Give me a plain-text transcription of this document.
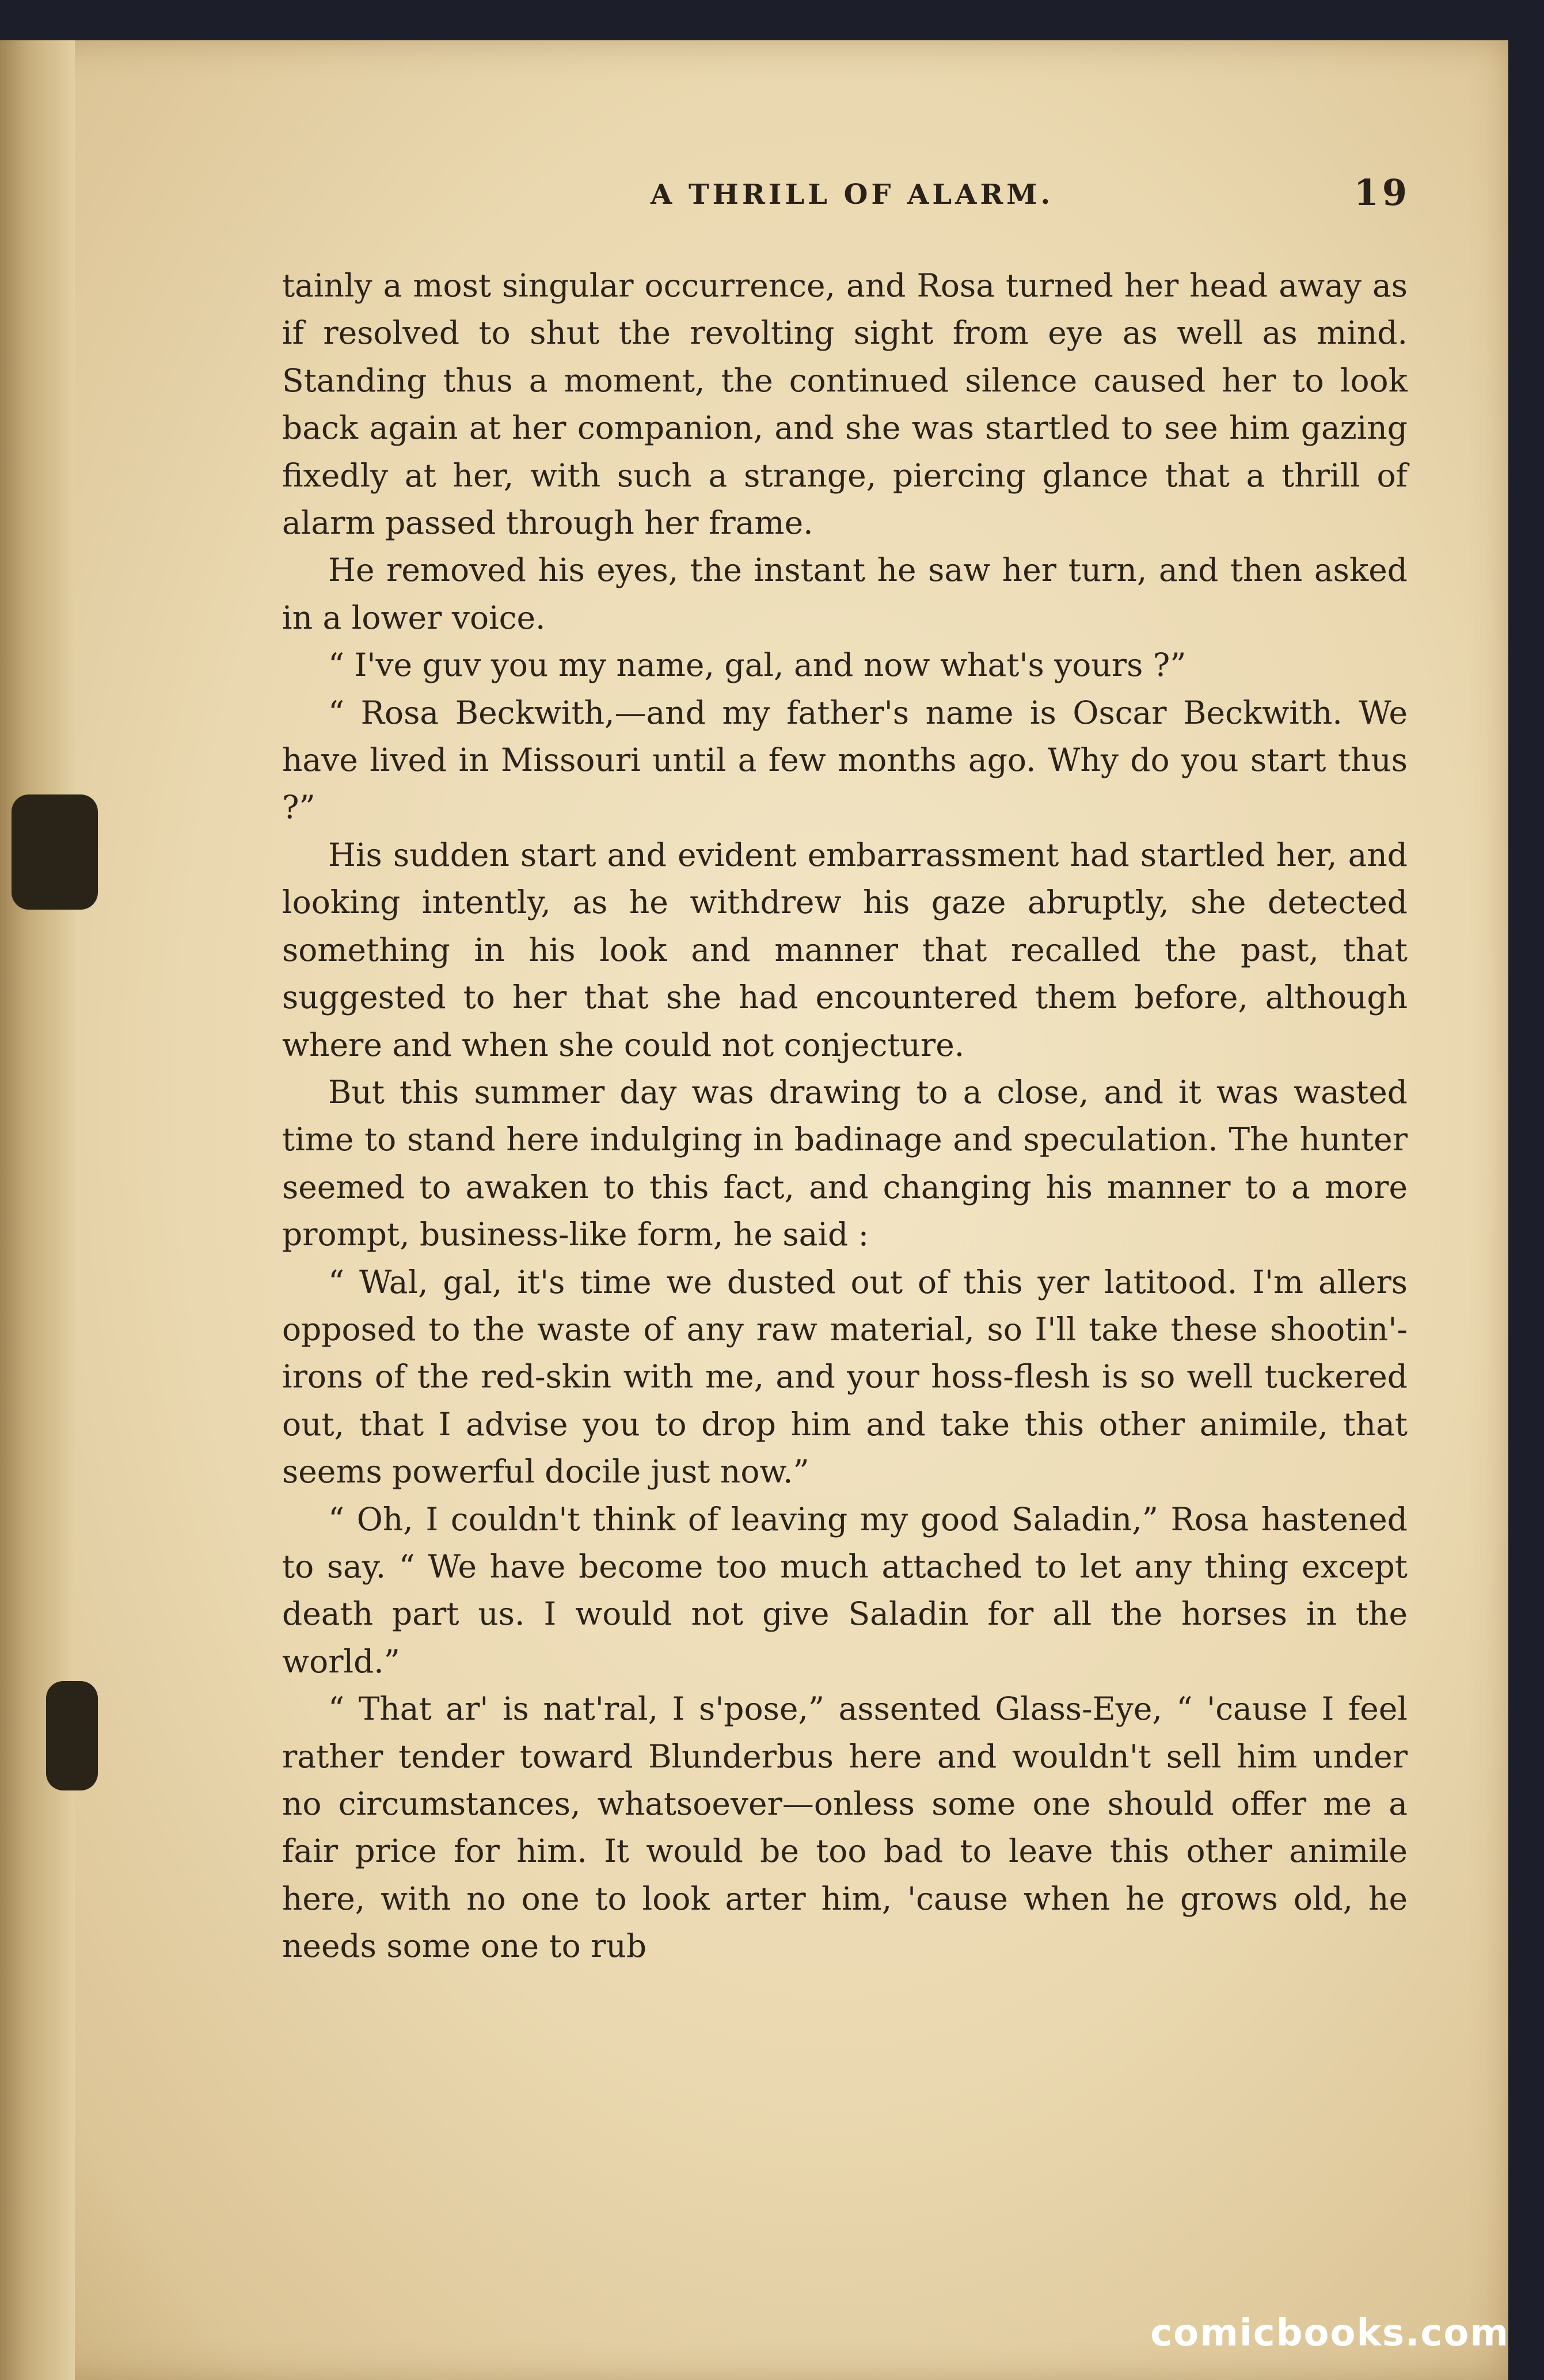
A THRILL OF ALARM.	19

tainly a most singular occurrence, and Rosa turned her head away as if resolved to shut the revolting sight from eye as well as mind. Standing thus a moment, the continued silence caused her to look back again at her companion, and she was startled to see him gazing fixedly at her, with such a strange, piercing glance that a thrill of alarm passed through her frame.

He removed his eyes, the instant he saw her turn, and then asked in a lower voice.

“ I've guv you my name, gal, and now what's yours ?”

“ Rosa Beckwith,—and my father's name is Oscar Beckwith. We have lived in Missouri until a few months ago. Why do you start thus ?”

His sudden start and evident embarrassment had startled her, and looking intently, as he withdrew his gaze abruptly, she detected something in his look and manner that recalled the past, that suggested to her that she had encountered them before, although where and when she could not conjecture.

But this summer day was drawing to a close, and it was wasted time to stand here indulging in badinage and speculation. The hunter seemed to awaken to this fact, and changing his manner to a more prompt, business-like form, he said :

“ Wal, gal, it's time we dusted out of this yer latitood. I'm allers opposed to the waste of any raw material, so I'll take these shootin'-irons of the red-skin with me, and your hoss-flesh is so well tuckered out, that I advise you to drop him and take this other animile, that seems powerful docile just now.”

“ Oh, I couldn't think of leaving my good Saladin,” Rosa hastened to say. “ We have become too much attached to let any thing except death part us. I would not give Saladin for all the horses in the world.”

“ That ar' is nat'ral, I s'pose,” assented Glass-Eye, “ 'cause I feel rather tender toward Blunderbus here and wouldn't sell him under no circumstances, whatsoever—onless some one should offer me a fair price for him. It would be too bad to leave this other animile here, with no one to look arter him, 'cause when he grows old, he needs some one to rub

comicbooks.com
